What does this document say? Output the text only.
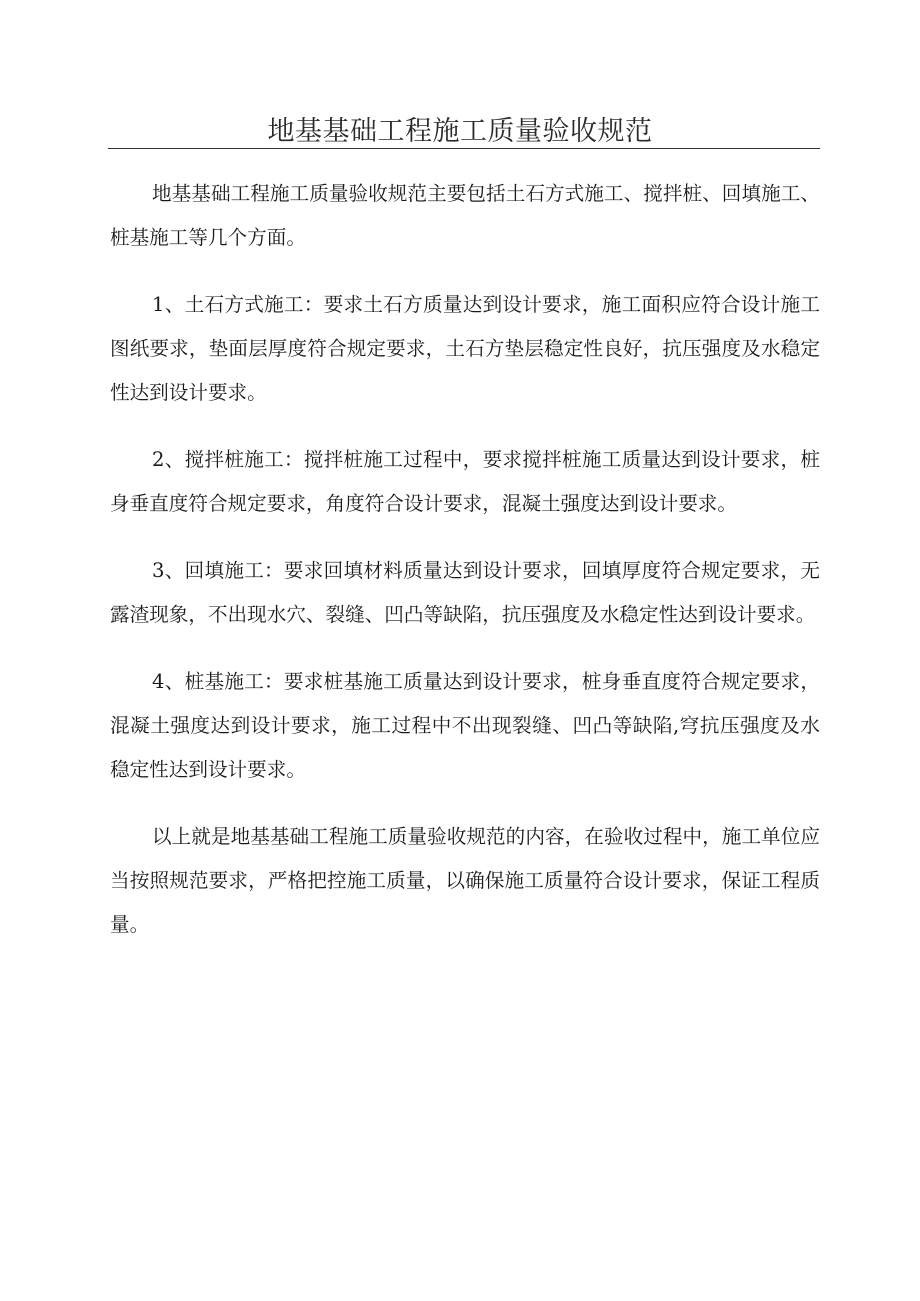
地基基础工程施工质量验收规范

地基基础工程施工质量验收规范主要包括土石方式施工、搅拌桩、回填施工、桩基施工等几个方面。

1、土石方式施工：要求土石方质量达到设计要求，施工面积应符合设计施工图纸要求，垫面层厚度符合规定要求，土石方垫层稳定性良好，抗压强度及水稳定性达到设计要求。

2、搅拌桩施工：搅拌桩施工过程中，要求搅拌桩施工质量达到设计要求，桩身垂直度符合规定要求，角度符合设计要求，混凝土强度达到设计要求。

3、回填施工：要求回填材料质量达到设计要求，回填厚度符合规定要求，无露渣现象，不出现水穴、裂缝、凹凸等缺陷，抗压强度及水稳定性达到设计要求。

4、桩基施工：要求桩基施工质量达到设计要求，桩身垂直度符合规定要求，混凝土强度达到设计要求，施工过程中不出现裂缝、凹凸等缺陷,穹抗压强度及水稳定性达到设计要求。

以上就是地基基础工程施工质量验收规范的内容，在验收过程中，施工单位应当按照规范要求，严格把控施工质量，以确保施工质量符合设计要求，保证工程质量。
